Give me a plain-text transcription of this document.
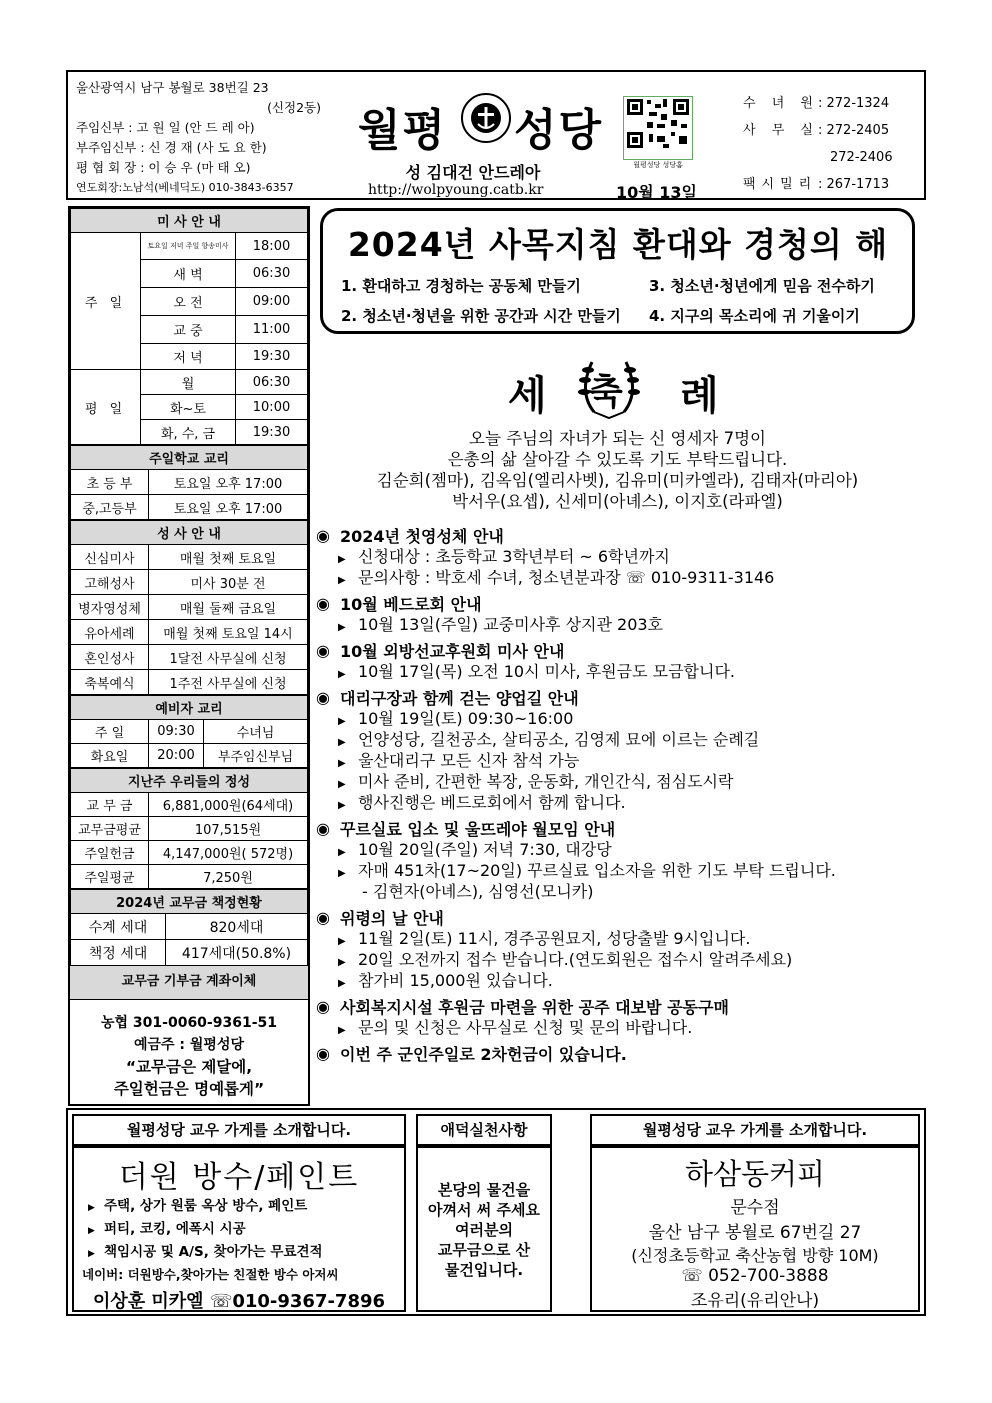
울산광역시 남구 봉월로 38번길 23
(신정2동)
주임신부 : 고 원 일 (안 드 레 아)
부주임신부 : 신 경 재 (사 도 요 한)
평 협 회 장 : 이 승 우 (마 태 오)
연도회장:노남석(베네딕도) 010-3843-6357
월평 성당
성 김대건 안드레아
http://wolpyoung.catb.kr
월평성당 성당홈
10월 13일
수 녀 원 : 272-1324
사 무 실 : 272-2405
272-2406
팩시밀리 : 267-1713
미 사 안 내		
주 일	토요일 저녁 주일 향송미사	18:00
	새 벽	06:30
	오 전	09:00
	교 중	11:00
	저 녁	19:30
평 일	월	06:30
	화~토	10:00
	화, 수, 금	19:30
주일학교 교리	
초 등 부	토요일 오후 17:00
중,고등부	토요일 오후 17:00
성 사 안 내	
신심미사	매월 첫째 토요일
고해성사	미사 30분 전
병자영성체	매월 둘째 금요일
유아세례	매월 첫째 토요일 14시
혼인성사	1달전 사무실에 신청
축복예식	1주전 사무실에 신청
예비자 교리		
주 일	09:30	수녀님
화요일	20:00	부주임신부님
지난주 우리들의 정성	
교 무 금	6,881,000원(64세대)
교무금평균	107,515원
주일헌금	4,147,000원( 572명)
주일평균	7,250원
2024년 교무금 책정현황	
수계 세대	820세대
책정 세대	417세대(50.8%)
교무금 기부금 계좌이체
농협 301-0060-9361-51
예금주 : 월평성당
“교무금은 제달에,
주일헌금은 명예롭게”
2024년 사목지침 환대와 경청의 해
1. 환대하고 경청하는 공동체 만들기	3. 청소년·청년에게 믿음 전수하기
2. 청소년·청년을 위한 공간과 시간 만들기	4. 지구의 목소리에 귀 기울이기
세 축 례
오늘 주님의 자녀가 되는 신 영세자 7명이
은총의 삶 살아갈 수 있도록 기도 부탁드립니다.
김순희(젬마), 김옥임(엘리사벳), 김유미(미카엘라), 김태자(마리아)
박서우(요셉), 신세미(아녜스), 이지호(라파엘)
◉ 2024년 첫영성체 안내
▶ 신청대상 : 초등학교 3학년부터 ~ 6학년까지
▶ 문의사항 : 박호세 수녀, 청소년분과장 ☏ 010-9311-3146
◉ 10월 베드로회 안내
▶ 10월 13일(주일) 교중미사후 상지관 203호
◉ 10월 외방선교후원회 미사 안내
▶ 10월 17일(목) 오전 10시 미사, 후원금도 모금합니다.
◉ 대리구장과 함께 걷는 양업길 안내
▶ 10월 19일(토) 09:30~16:00
▶ 언양성당, 길천공소, 살티공소, 김영제 묘에 이르는 순례길
▶ 울산대리구 모든 신자 참석 가능
▶ 미사 준비, 간편한 복장, 운동화, 개인간식, 점심도시락
▶ 행사진행은 베드로회에서 함께 합니다.
◉ 꾸르실료 입소 및 울뜨레야 월모임 안내
▶ 10월 20일(주일) 저녁 7:30, 대강당
▶ 자매 451차(17~20일) 꾸르실료 입소자을 위한 기도 부탁 드립니다.
- 김현자(아녜스), 심영선(모니카)
◉ 위령의 날 안내
▶ 11월 2일(토) 11시, 경주공원묘지, 성당출발 9시입니다.
▶ 20일 오전까지 접수 받습니다.(연도회원은 접수시 알려주세요)
▶ 참가비 15,000원 있습니다.
◉ 사회복지시설 후원금 마련을 위한 공주 대보밤 공동구매
▶ 문의 및 신청은 사무실로 신청 및 문의 바랍니다.
◉ 이번 주 군인주일로 2차헌금이 있습니다.
월평성당 교우 가게를 소개합니다.
더원 방수/페인트
▶ 주택, 상가 원룸 옥상 방수, 페인트
▶ 퍼티, 코킹, 에폭시 시공
▶ 책임시공 및 A/S, 찾아가는 무료견적
네이버: 더원방수,찾아가는 친절한 방수 아저씨
이상훈 미카엘 ☏010-9367-7896
애덕실천사항
본당의 물건을
아껴서 써 주세요
여러분의
교무금으로 산
물건입니다.
월평성당 교우 가게를 소개합니다.
하삼동커피
문수점
울산 남구 봉월로 67번길 27
(신정초등학교 축산농협 방향 10M)
☏ 052-700-3888
조유리(유리안나)
